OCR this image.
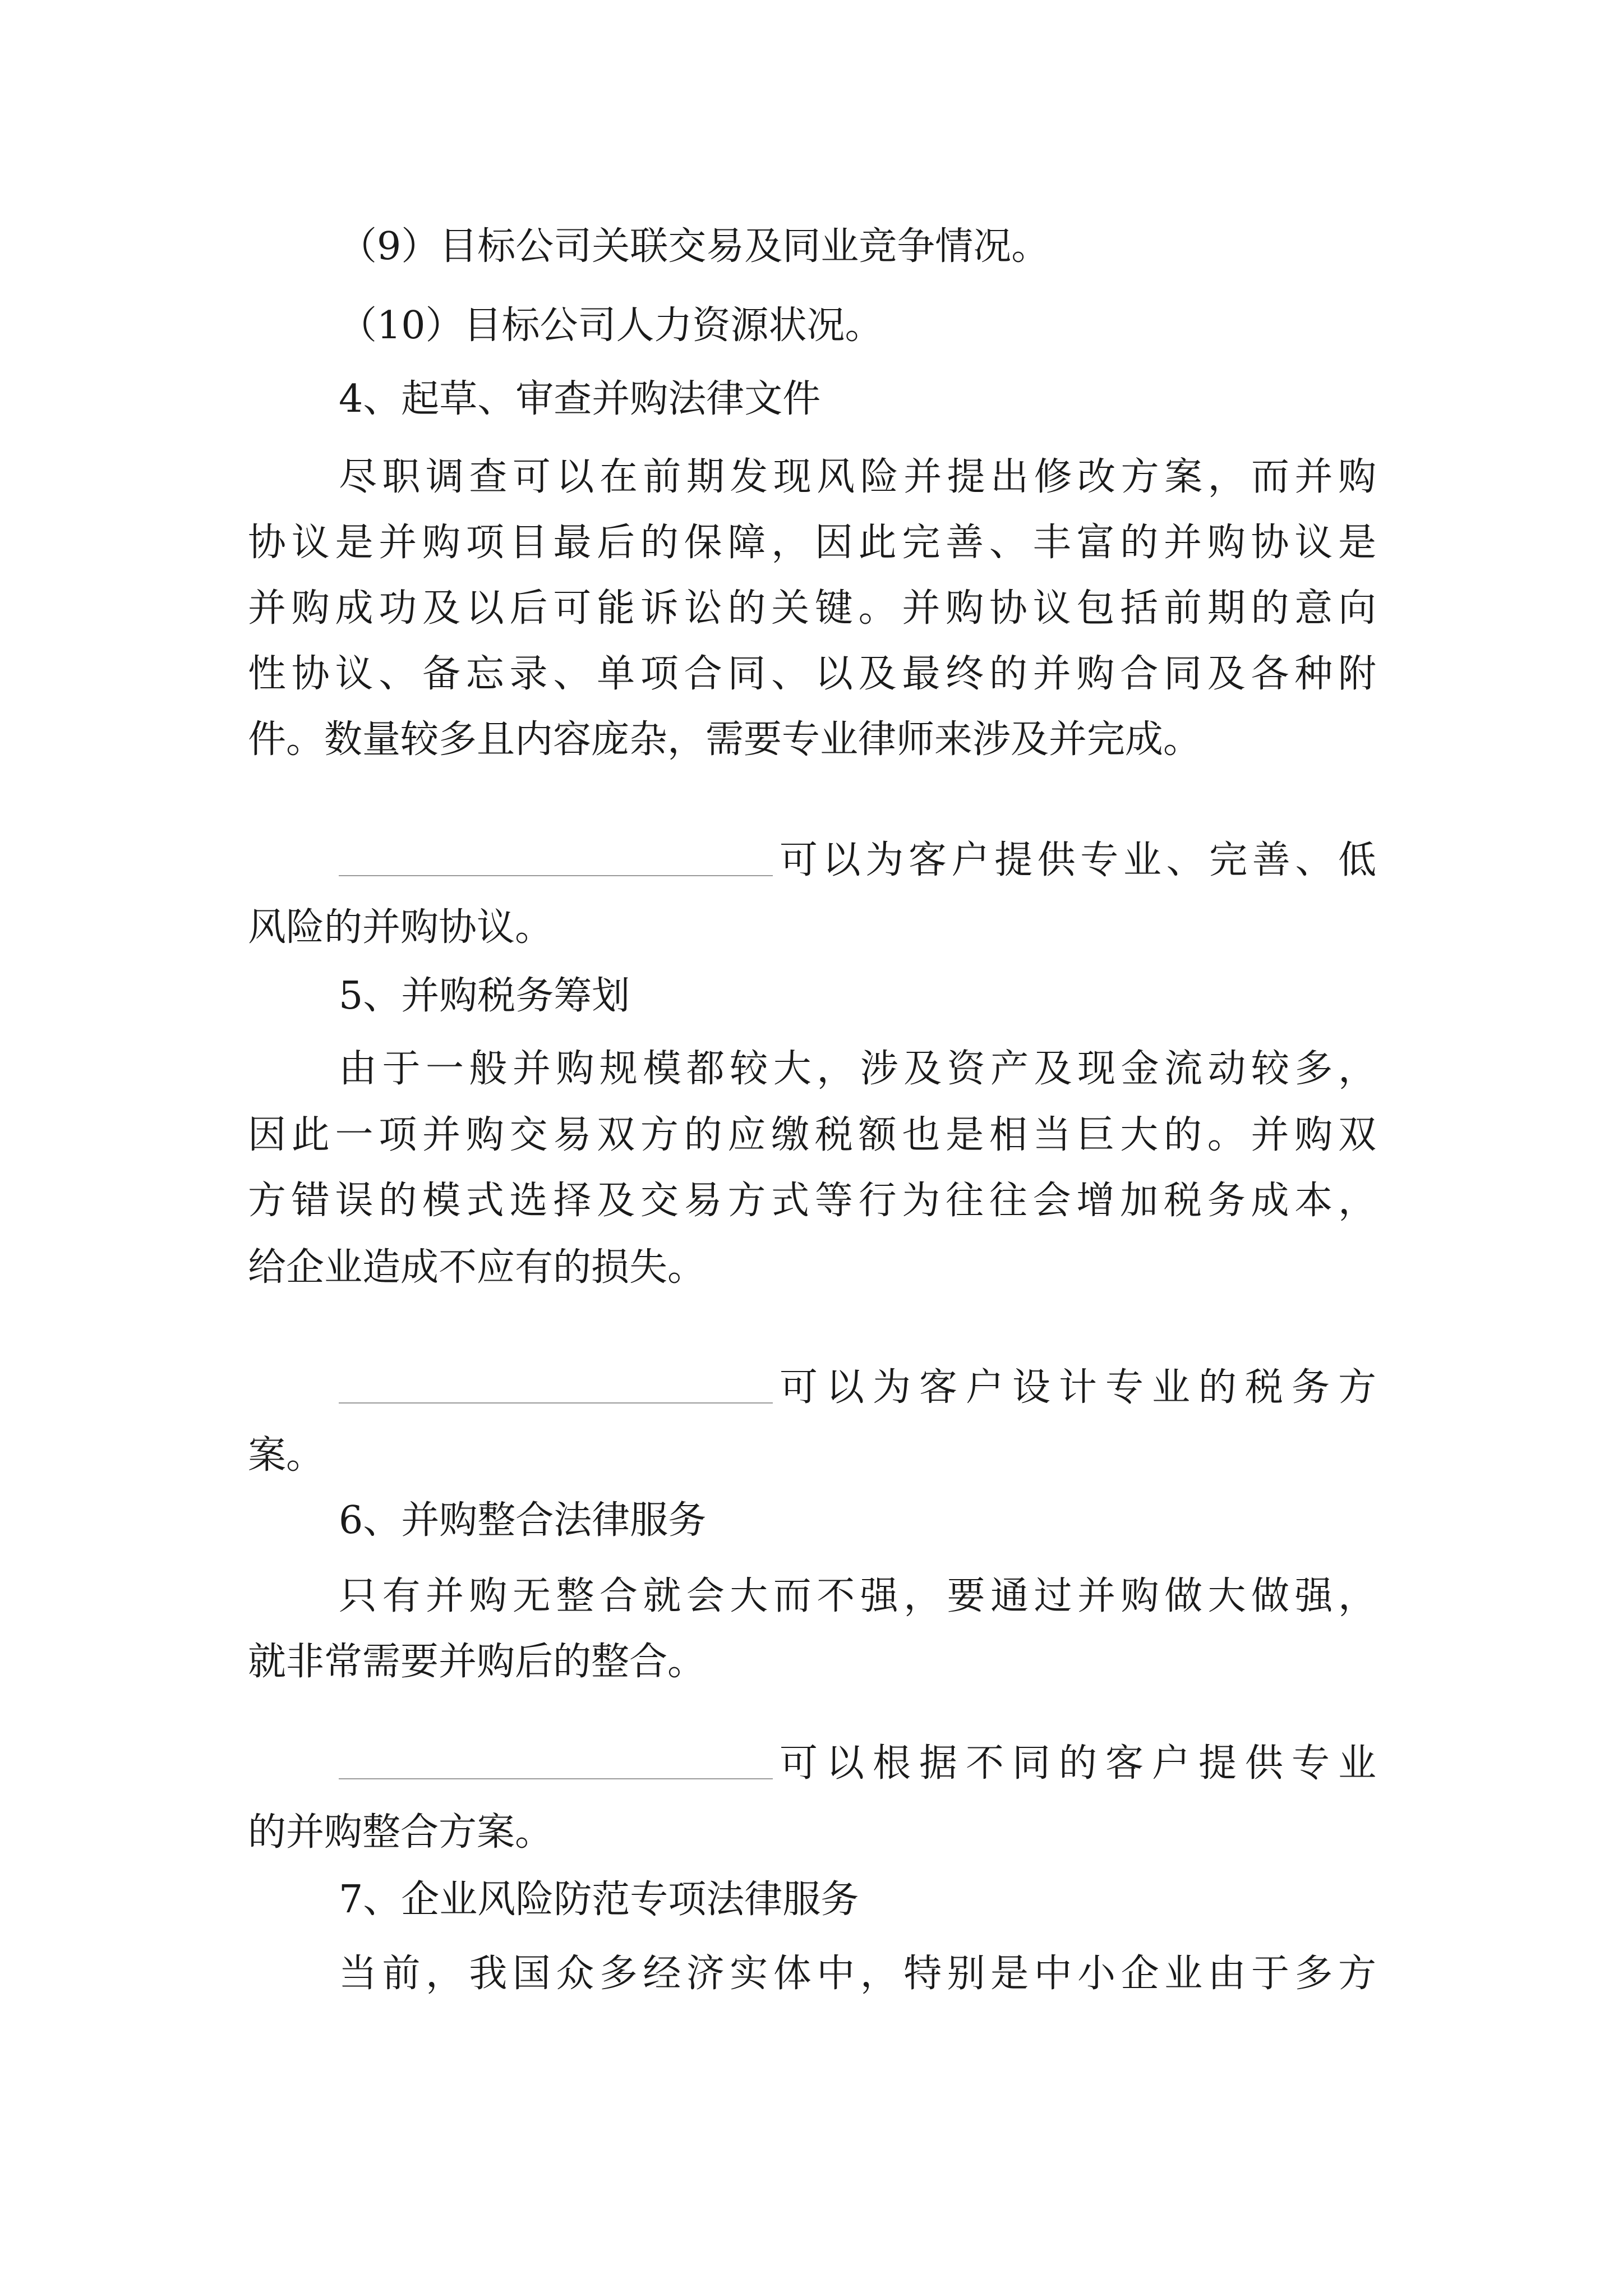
（9）目标公司关联交易及同业竞争情况。
（10）目标公司人力资源状况。
4、起草、审查并购法律文件
尽职调查可以在前期发现风险并提出修改方案，而并购
协议是并购项目最后的保障，因此完善、丰富的并购协议是
并购成功及以后可能诉讼的关键。并购协议包括前期的意向
性协议、备忘录、单项合同、以及最终的并购合同及各种附
件。数量较多且内容庞杂，需要专业律师来涉及并完成。
可以为客户提供专业、完善、低
风险的并购协议。
5、并购税务筹划
由于一般并购规模都较大，涉及资产及现金流动较多，
因此一项并购交易双方的应缴税额也是相当巨大的。并购双
方错误的模式选择及交易方式等行为往往会增加税务成本，
给企业造成不应有的损失。
可以为客户设计专业的税务方
案。
6、并购整合法律服务
只有并购无整合就会大而不强，要通过并购做大做强，
就非常需要并购后的整合。
可以根据不同的客户提供专业
的并购整合方案。
7、企业风险防范专项法律服务
当前，我国众多经济实体中，特别是中小企业由于多方
